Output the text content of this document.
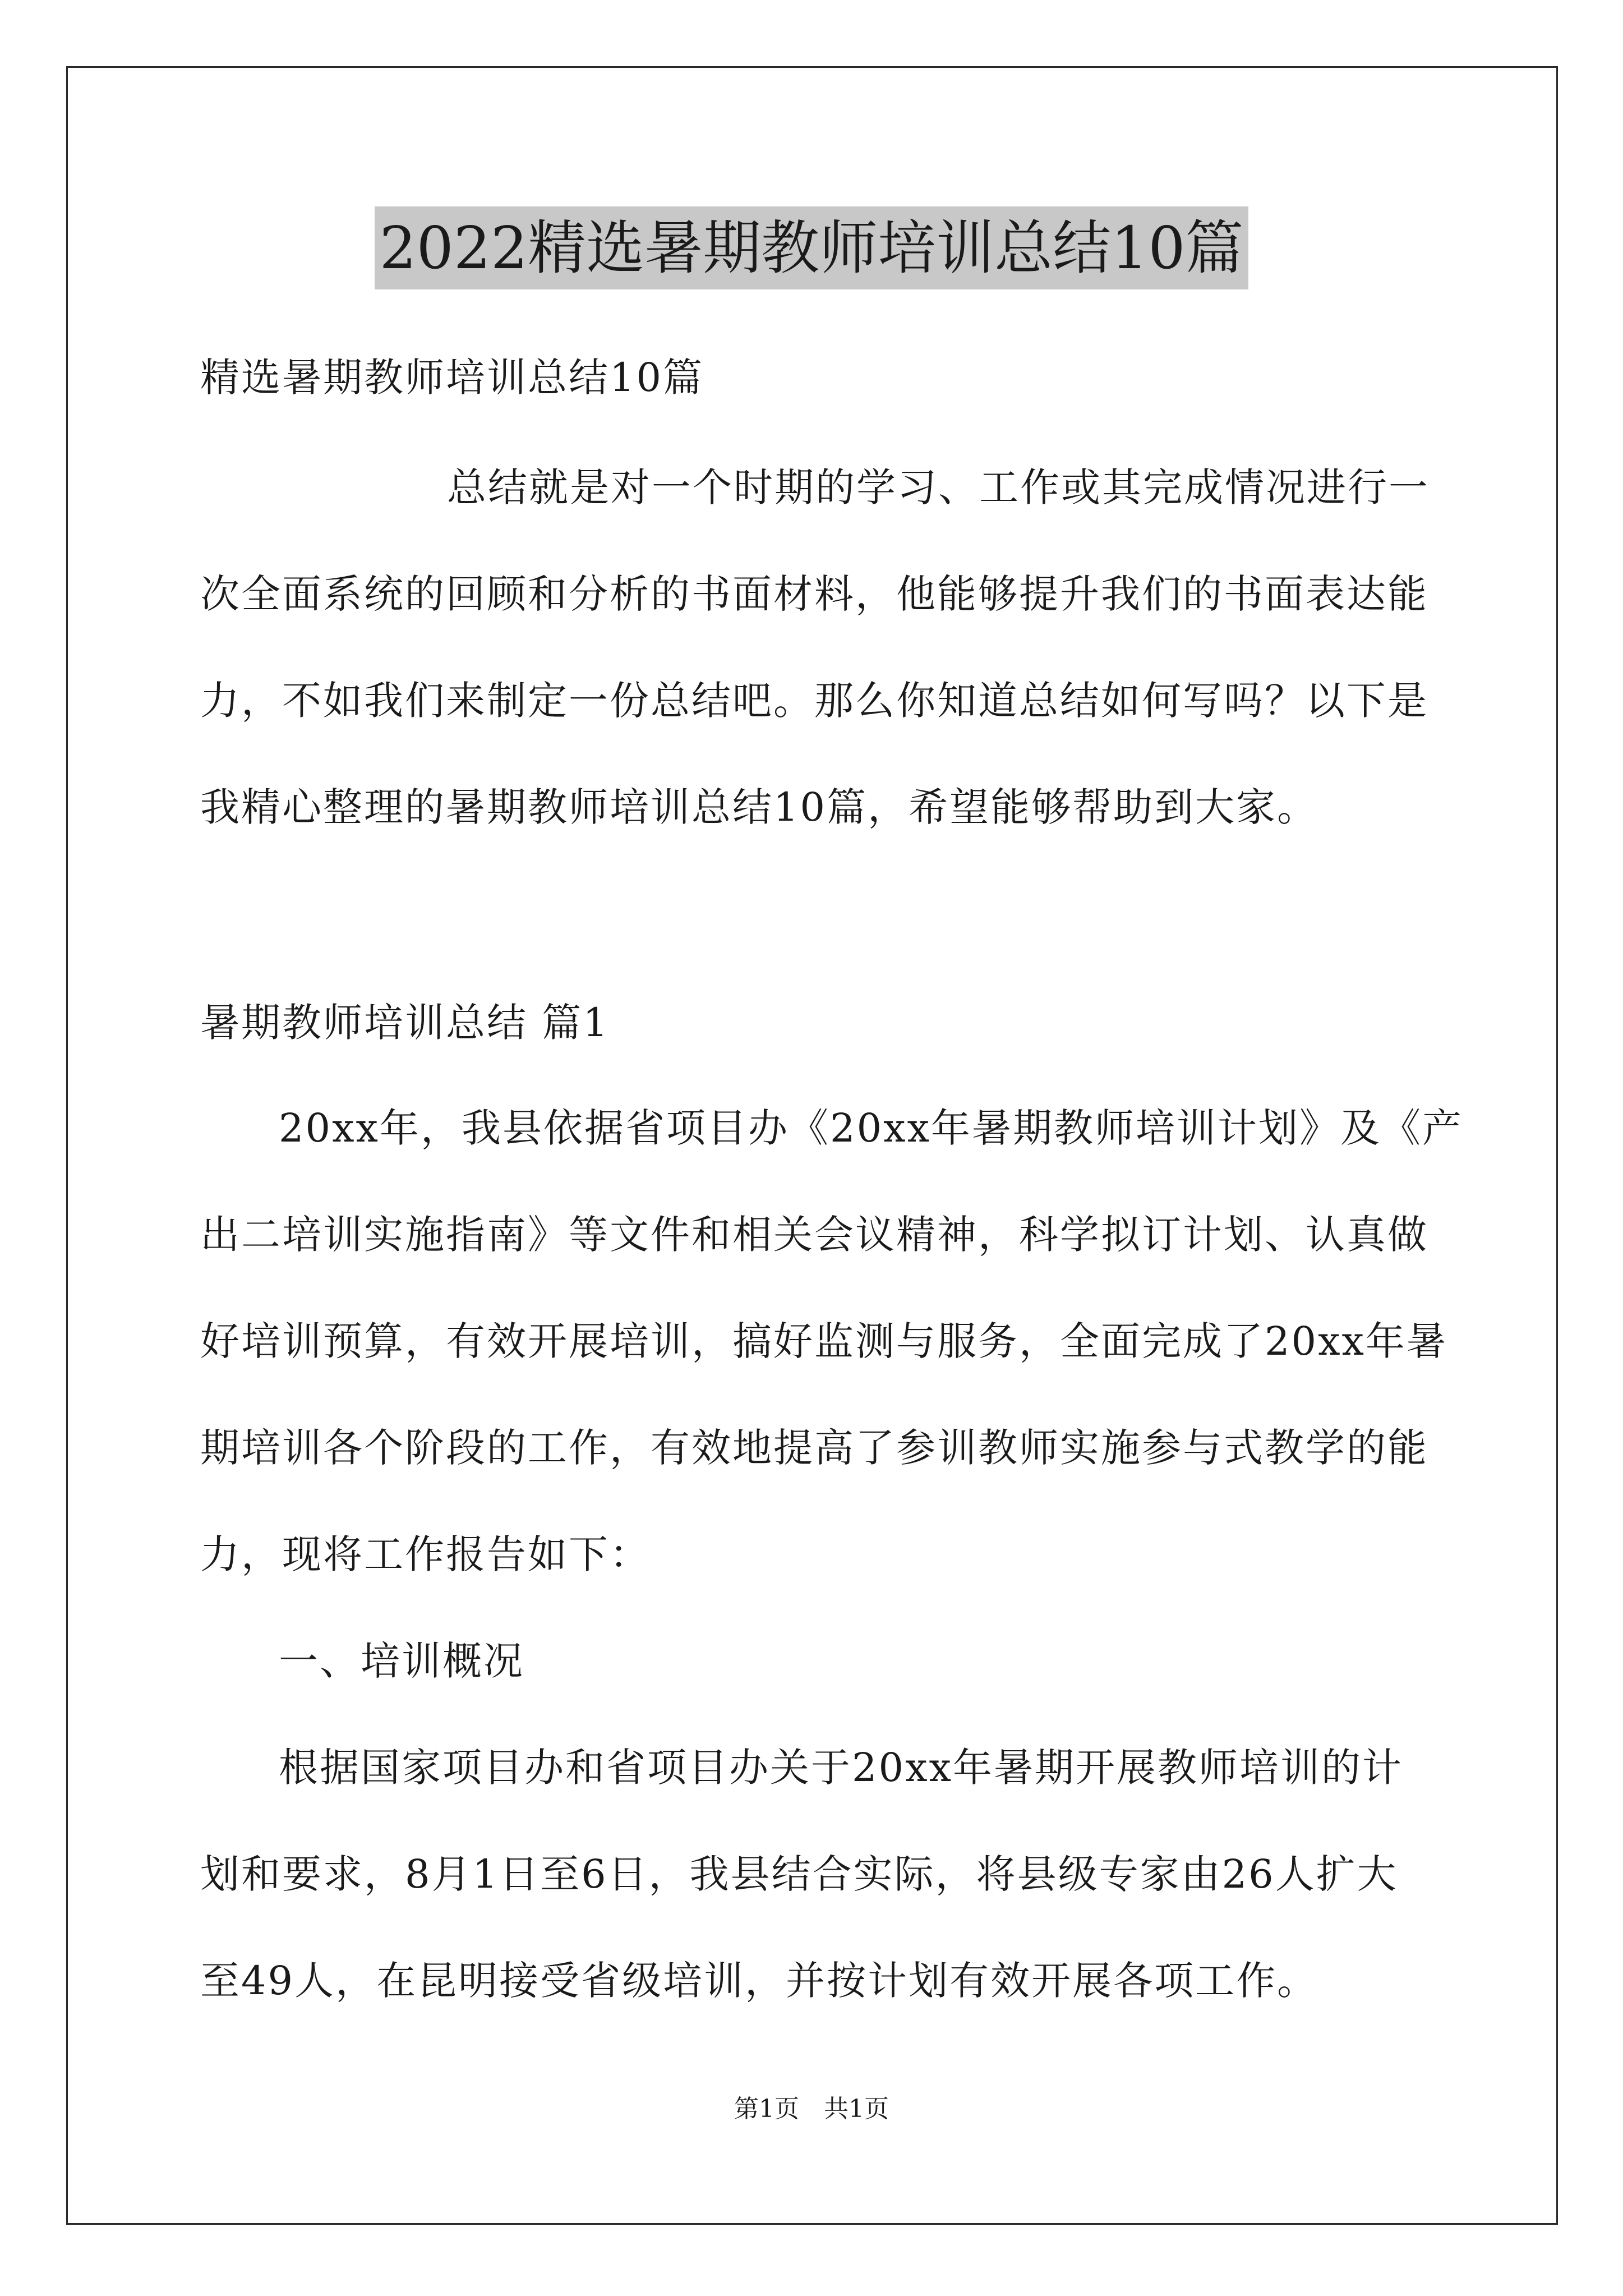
2022精选暑期教师培训总结10篇
精选暑期教师培训总结10篇
总结就是对一个时期的学习、工作或其完成情况进行一
次全面系统的回顾和分析的书面材料，他能够提升我们的书面表达能
力，不如我们来制定一份总结吧。那么你知道总结如何写吗？以下是
我精心整理的暑期教师培训总结10篇，希望能够帮助到大家。
暑期教师培训总结 篇1
20xx年，我县依据省项目办《20xx年暑期教师培训计划》及《产
出二培训实施指南》等文件和相关会议精神，科学拟订计划、认真做
好培训预算，有效开展培训，搞好监测与服务，全面完成了20xx年暑
期培训各个阶段的工作，有效地提高了参训教师实施参与式教学的能
力，现将工作报告如下：
一、培训概况
根据国家项目办和省项目办关于20xx年暑期开展教师培训的计
划和要求，8月1日至6日，我县结合实际，将县级专家由26人扩大
至49人，在昆明接受省级培训，并按计划有效开展各项工作。
第1页　共1页
